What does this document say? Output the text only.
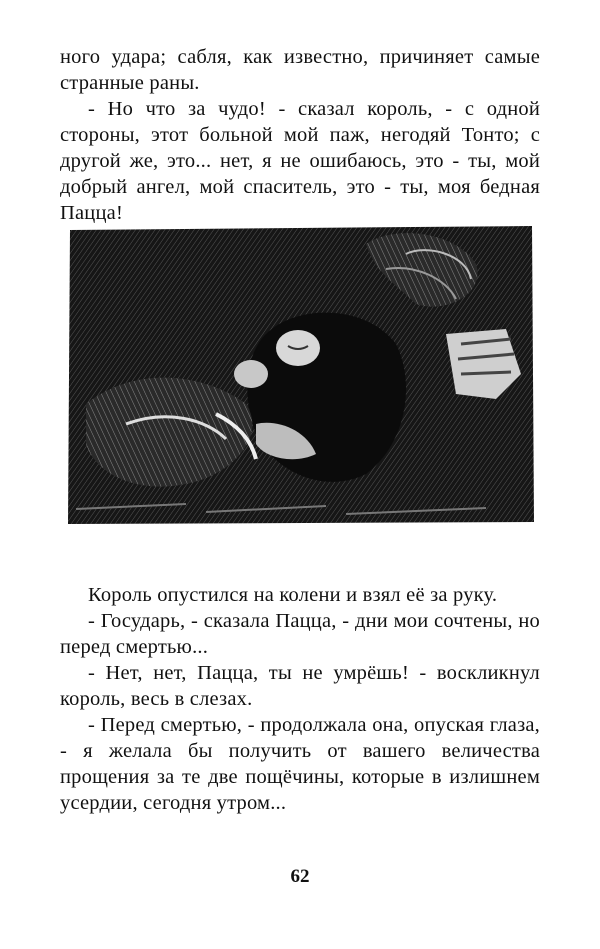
ного удара; сабля, как известно, причиняет самые странные раны.

- Но что за чудо! - сказал король, - с одной стороны, этот больной мой паж, негодяй Тонто; с другой же, это... нет, я не ошибаюсь, это - ты, мой добрый ангел, мой спаситель, это - ты, моя бедная Пацца!

Король опустился на колени и взял её за руку.

- Государь, - сказала Пацца, - дни мои сочтены, но перед смертью...

- Нет, нет, Пацца, ты не умрёшь! - воскликнул король, весь в слезах.

- Перед смертью, - продолжала она, опуская глаза, - я желала бы получить от вашего величества прощения за те две пощёчины, которые в излишнем усердии, сегодня утром...

62
